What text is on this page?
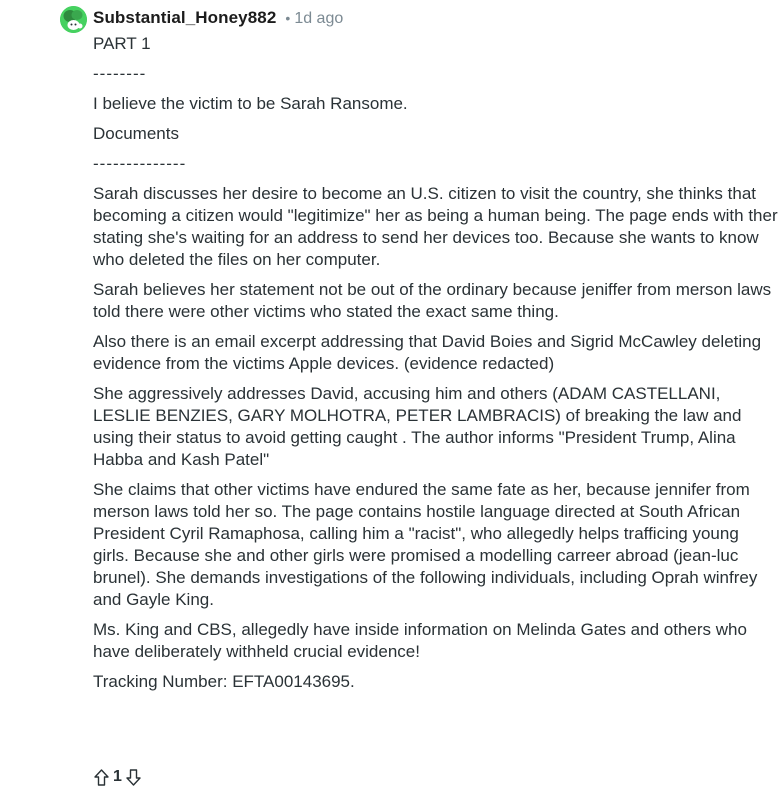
Substantial_Honey882 • 1d ago

PART 1

--------

I believe the victim to be Sarah Ransome.

Documents

--------------

Sarah discusses her desire to become an U.S. citizen to visit the country, she thinks that becoming a citizen would "legitimize" her as being a human being. The page ends with ther stating she's waiting for an address to send her devices too. Because she wants to know who deleted the files on her computer.

Sarah believes her statement not be out of the ordinary because jeniffer from merson laws told there were other victims who stated the exact same thing.

Also there is an email excerpt addressing that David Boies and Sigrid McCawley deleting evidence from the victims Apple devices. (evidence redacted)

She aggressively addresses David, accusing him and others (ADAM CASTELLANI, LESLIE BENZIES, GARY MOLHOTRA, PETER LAMBRACIS) of breaking the law and using their status to avoid getting caught . The author informs "President Trump, Alina Habba and Kash Patel"

She claims that other victims have endured the same fate as her, because jennifer from merson laws told her so. The page contains hostile language directed at South African President Cyril Ramaphosa, calling him a "racist", who allegedly helps trafficing young girls. Because she and other girls were promised a modelling carreer abroad (jean-luc brunel). She demands investigations of the following individuals, including Oprah winfrey and Gayle King.

Ms. King and CBS, allegedly have inside information on Melinda Gates and others who have deliberately withheld crucial evidence!

Tracking Number: EFTA00143695.

1
